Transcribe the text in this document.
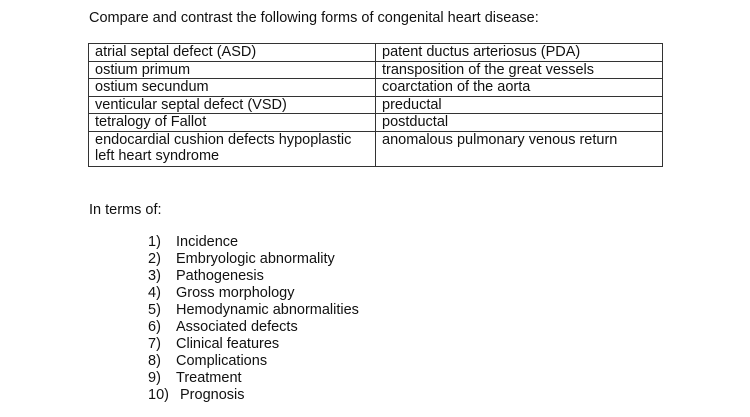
Compare and contrast the following forms of congenital heart disease:

atrial septal defect (ASD)	patent ductus arteriosus (PDA)
ostium primum	transposition of the great vessels
ostium secundum	coarctation of the aorta
venticular septal defect (VSD)	preductal
tetralogy of Fallot	postductal
endocardial cushion defects hypoplastic left heart syndrome	anomalous pulmonary venous return

In terms of:

1) Incidence
2) Embryologic abnormality
3) Pathogenesis
4) Gross morphology
5) Hemodynamic abnormalities
6) Associated defects
7) Clinical features
8) Complications
9) Treatment
10) Prognosis
